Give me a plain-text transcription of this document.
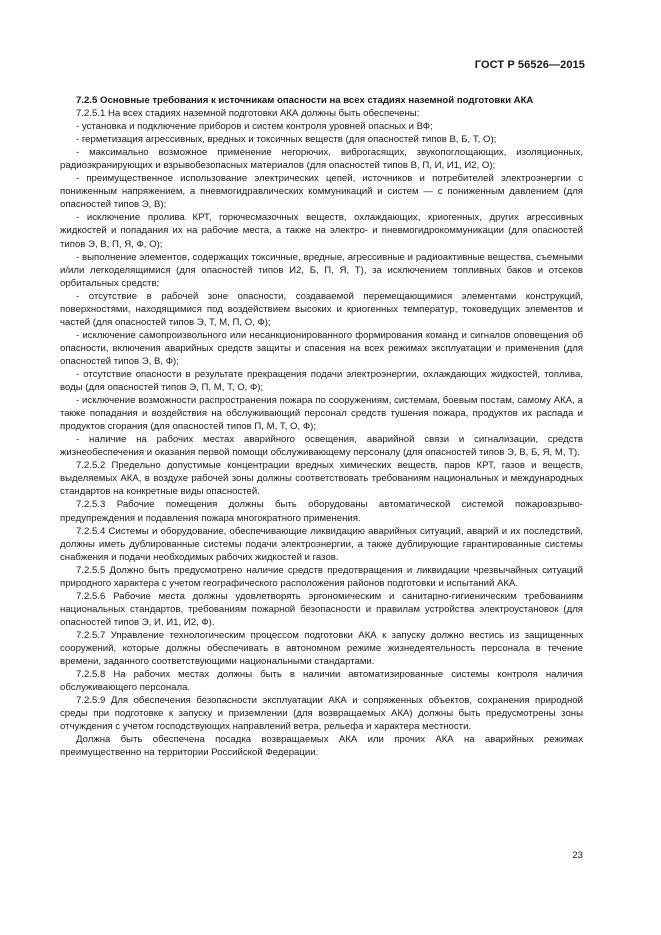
ГОСТ Р 56526—2015

7.2.5 Основные требования к источникам опасности на всех стадиях наземной подготовки АКА

7.2.5.1 На всех стадиях наземной подготовки АКА должны быть обеспечены:

- установка и подключение приборов и систем контроля уровней опасных и ВФ;

- герметизация агрессивных, вредных и токсичных веществ (для опасностей типов В, Б, Т, О);

- максимально возможное применение негорючих, виброгасящих, звукопоглощающих, изоляционных, радиоэкранирующих и взрывобезопасных материалов (для опасностей типов В, П, И, И1, И2, О);

- преимущественное использование электрических цепей, источников и потребителей электроэнергии с пониженным напряжением, а пневмогидравлических коммуникаций и систем — с пониженным давлением (для опасностей типов Э, В);

- исключение пролива КРТ, горючесмазочных веществ, охлаждающих, криогенных, других агрессивных жидкостей и попадания их на рабочие места, а также на электро- и пневмогидрокоммуникации (для опасностей типов Э, В, П, Я, Ф, О);

- выполнение элементов, содержащих токсичные, вредные, агрессивные и радиоактивные вещества, съемными и/или легкоделящимися (для опасностей типов И2, Б, П, Я, Т), за исключением топливных баков и отсеков орбитальных средств;

- отсутствие в рабочей зоне опасности, создаваемой перемещающимися элементами конструкций, поверхностями, находящимися под воздействием высоких и криогенных температур, токоведущих элементов и частей (для опасностей типов Э, Т, М, П, О, Ф);

- исключение самопроизвольного или несанкционированного формирования команд и сигналов оповещения об опасности, включения аварийных средств защиты и спасения на всех режимах эксплуатации и применения (для опасностей типов Э, В, Ф);

- отсутствие опасности в результате прекращения подачи электроэнергии, охлаждающих жидкостей, топлива, воды (для опасностей типов Э, П, М, Т, О, Ф);

- исключение возможности распространения пожара по сооружениям, системам, боевым постам, самому АКА, а также попадания и воздействия на обслуживающий персонал средств тушения пожара, продуктов их распада и продуктов сгорания (для опасностей типов П, М, Т, О, Ф);

- наличие на рабочих местах аварийного освещения, аварийной связи и сигнализации, средств жизнеобеспечения и оказания первой помощи обслуживающему персоналу (для опасностей типов Э, В, Б, Я, М, Т).

7.2.5.2 Предельно допустимые концентрации вредных химических веществ, паров КРТ, газов и веществ, выделяемых АКА, в воздухе рабочей зоны должны соответствовать требованиям национальных и международных стандартов на конкретные виды опасностей.

7.2.5.3 Рабочие помещения должны быть оборудованы автоматической системой пожаровзрыво-предупреждения и подавления пожара многократного применения.

7.2.5.4 Системы и оборудование, обеспечивающие ликвидацию аварийных ситуаций, аварий и их последствий, должны иметь дублированные системы подачи электроэнергии, а также дублирующие гарантированные системы снабжения и подачи необходимых рабочих жидкостей и газов.

7.2.5.5 Должно быть предусмотрено наличие средств предотвращения и ликвидации чрезвычайных ситуаций природного характера с учетом географического расположения районов подготовки и испытаний АКА.

7.2.5.6 Рабочие места должны удовлетворять эргономическим и санитарно-гигиеническим требованиям национальных стандартов, требованиям пожарной безопасности и правилам устройства электроустановок (для опасностей типов Э, И, И1, И2, Ф).

7.2.5.7 Управление технологическим процессом подготовки АКА к запуску должно вестись из защищенных сооружений, которые должны обеспечивать в автономном режиме жизнедеятельность персонала в течение времени, заданного соответствующими национальными стандартами.

7.2.5.8 На рабочих местах должны быть в наличии автоматизированные системы контроля наличия обслуживающего персонала.

7.2.5.9 Для обеспечения безопасности эксплуатации АКА и сопряженных объектов, сохранения природной среды при подготовке к запуску и приземлении (для возвращаемых АКА) должны быть предусмотрены зоны отчуждения с учетом господствующих направлений ветра, рельефа и характера местности.

Должна быть обеспечена посадка возвращаемых АКА или прочих АКА на аварийных режимах преимущественно на территории Российской Федерации.

23
